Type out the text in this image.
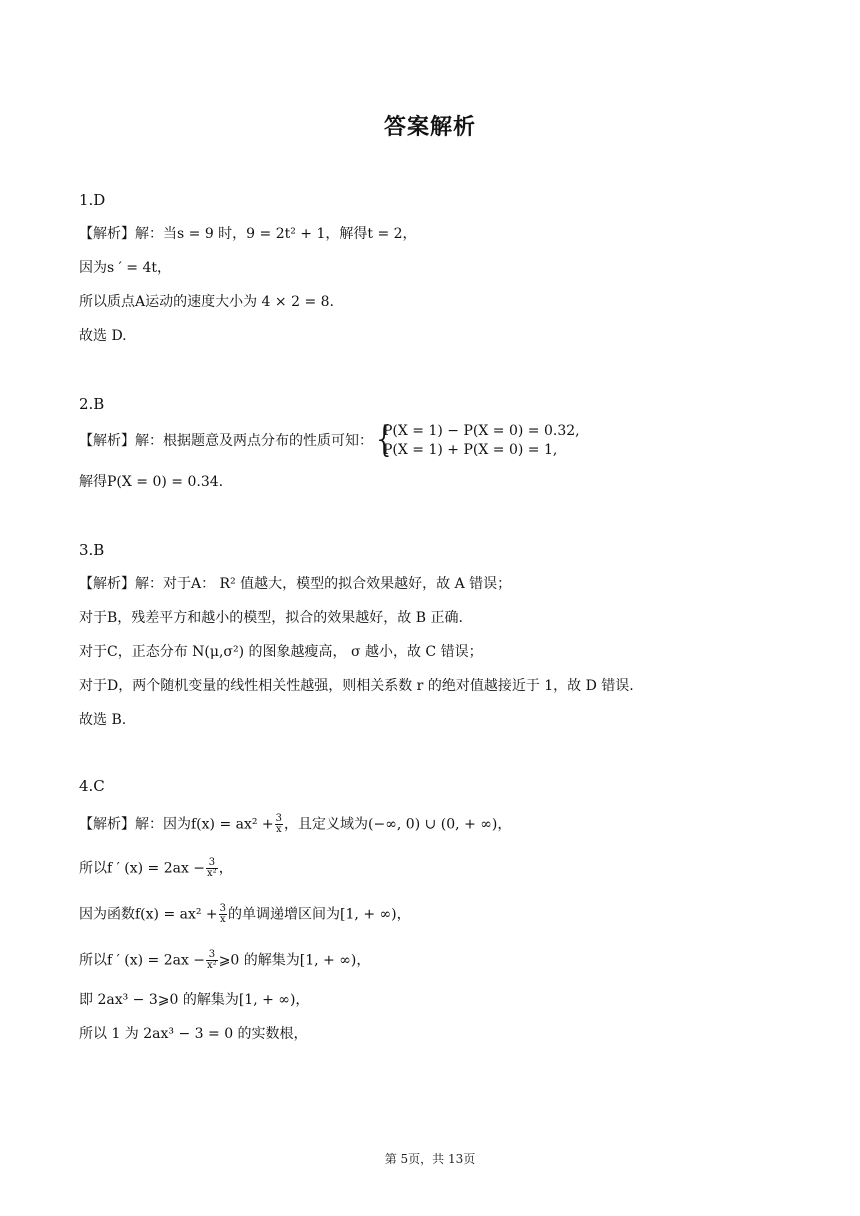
答案解析
1.D
【解析】解：当s = 9 时，9 = 2t² + 1，解得t = 2，
因为s ′ = 4t，
所以质点A运动的速度大小为 4 × 2 = 8.
故选 D.
2.B
【解析】解：根据题意及两点分布的性质可知： {
P(X = 1) − P(X = 0) = 0.32,
P(X = 1) + P(X = 0) = 1,
解得P(X = 0) = 0.34.
3.B
【解析】解：对于A： R² 值越大，模型的拟合效果越好，故 A 错误；
对于B，残差平方和越小的模型，拟合的效果越好，故 B 正确.
对于C，正态分布 N(μ,σ²) 的图象越瘦高， σ 越小，故 C 错误；
对于D，两个随机变量的线性相关性越强，则相关系数 r 的绝对值越接近于 1，故 D 错误.
故选 B.
4.C
【解析】解：因为$f(x) = ax^2 + \frac{3}{x}$ ，且定义域为(−∞, 0) ∪ (0, + ∞)，
所以f ′ $(x) = 2ax - \frac{3}{\text{x²}}$ ，
因为函数$f(x) = ax^2 + \frac{3}{x}$ 的单调递增区间为[1, + ∞)，
所以f ′ $(x) = 2ax - \frac{3}{\text{x²}}$ ⩾0 的解集为[1, + ∞)，
即 2ax³ − 3⩾0 的解集为[1, + ∞)，
所以 1 为 2ax³ − 3 = 0 的实数根，
第 5页，共 13页
